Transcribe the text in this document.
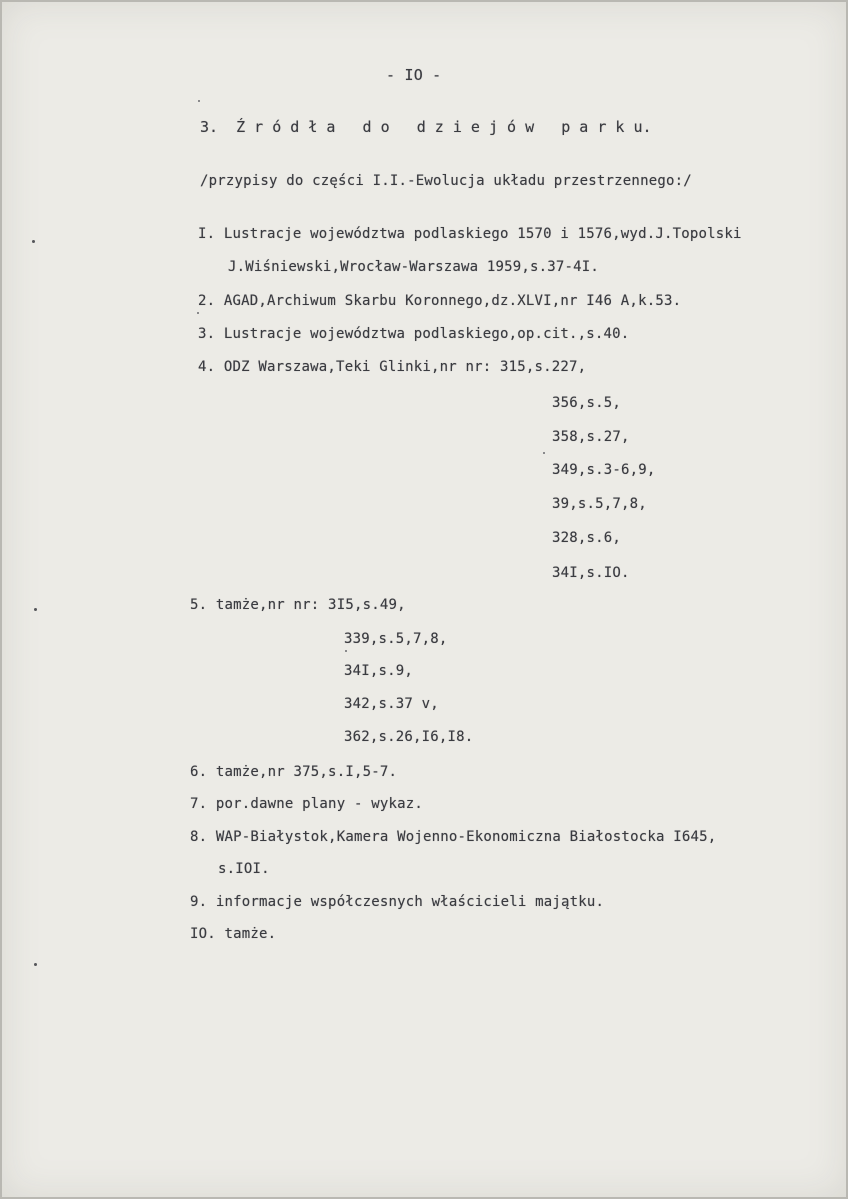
- IO -
3.  Ź r ó d ł a   d o   d z i e j ó w   p a r k u.
/przypisy do części I.I.-Ewolucja układu przestrzennego:/
I. Lustracje województwa podlaskiego 1570 i 1576,wyd.J.Topolski
J.Wiśniewski,Wrocław-Warszawa 1959,s.37-4I.
2. AGAD,Archiwum Skarbu Koronnego,dz.XLVI,nr I46 A,k.53.
3. Lustracje województwa podlaskiego,op.cit.,s.40.
4. ODZ Warszawa,Teki Glinki,nr nr: 315,s.227,
356,s.5,
358,s.27,
349,s.3-6,9,
39,s.5,7,8,
328,s.6,
34I,s.IO.
5. tamże,nr nr: 3I5,s.49,
339,s.5,7,8,
34I,s.9,
342,s.37 v,
362,s.26,I6,I8.
6. tamże,nr 375,s.I,5-7.
7. por.dawne plany - wykaz.
8. WAP-Białystok,Kamera Wojenno-Ekonomiczna Białostocka I645,
s.IOI.
9. informacje współczesnych właścicieli majątku.
IO. tamże.
